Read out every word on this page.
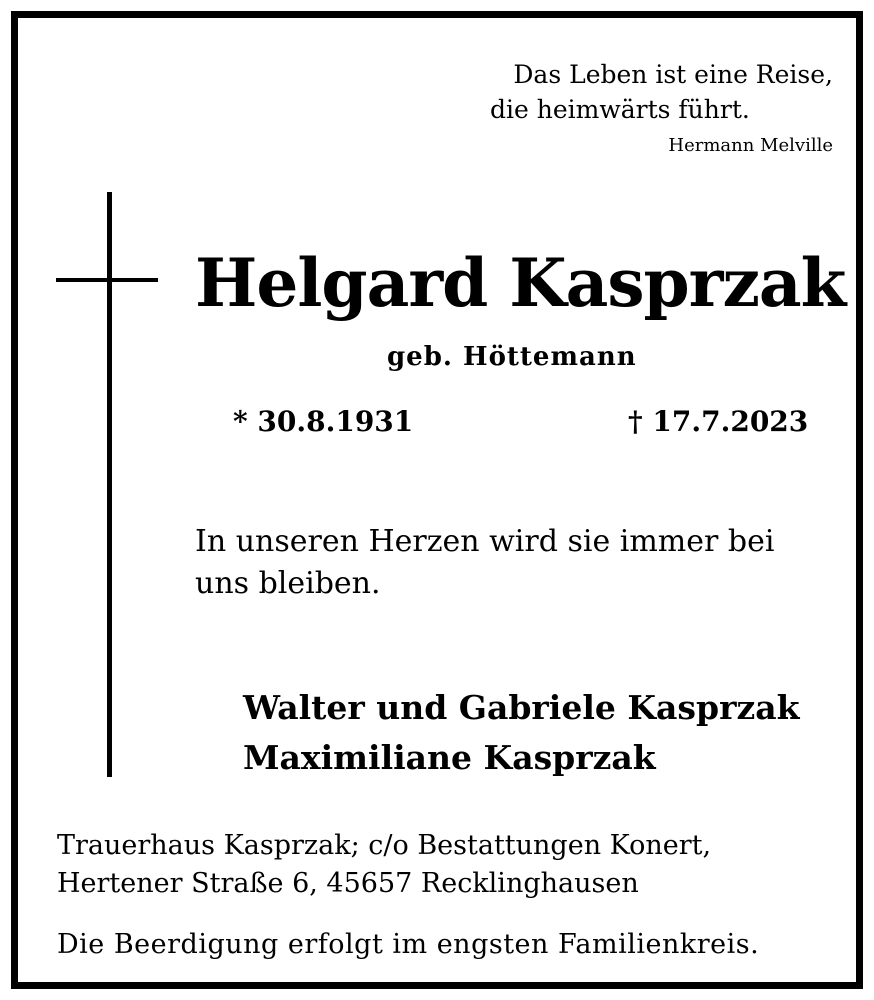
Das Leben ist eine Reise,
die heimwärts führt.
Hermann Melville
Helgard Kasprzak
geb. Höttemann
* 30.8.1931	† 17.7.2023
In unseren Herzen wird sie immer bei
uns bleiben.
Walter und Gabriele Kasprzak
Maximiliane Kasprzak
Trauerhaus Kasprzak; c/o Bestattungen Konert,
Hertener Straße 6, 45657 Recklinghausen
Die Beerdigung erfolgt im engsten Familienkreis.
